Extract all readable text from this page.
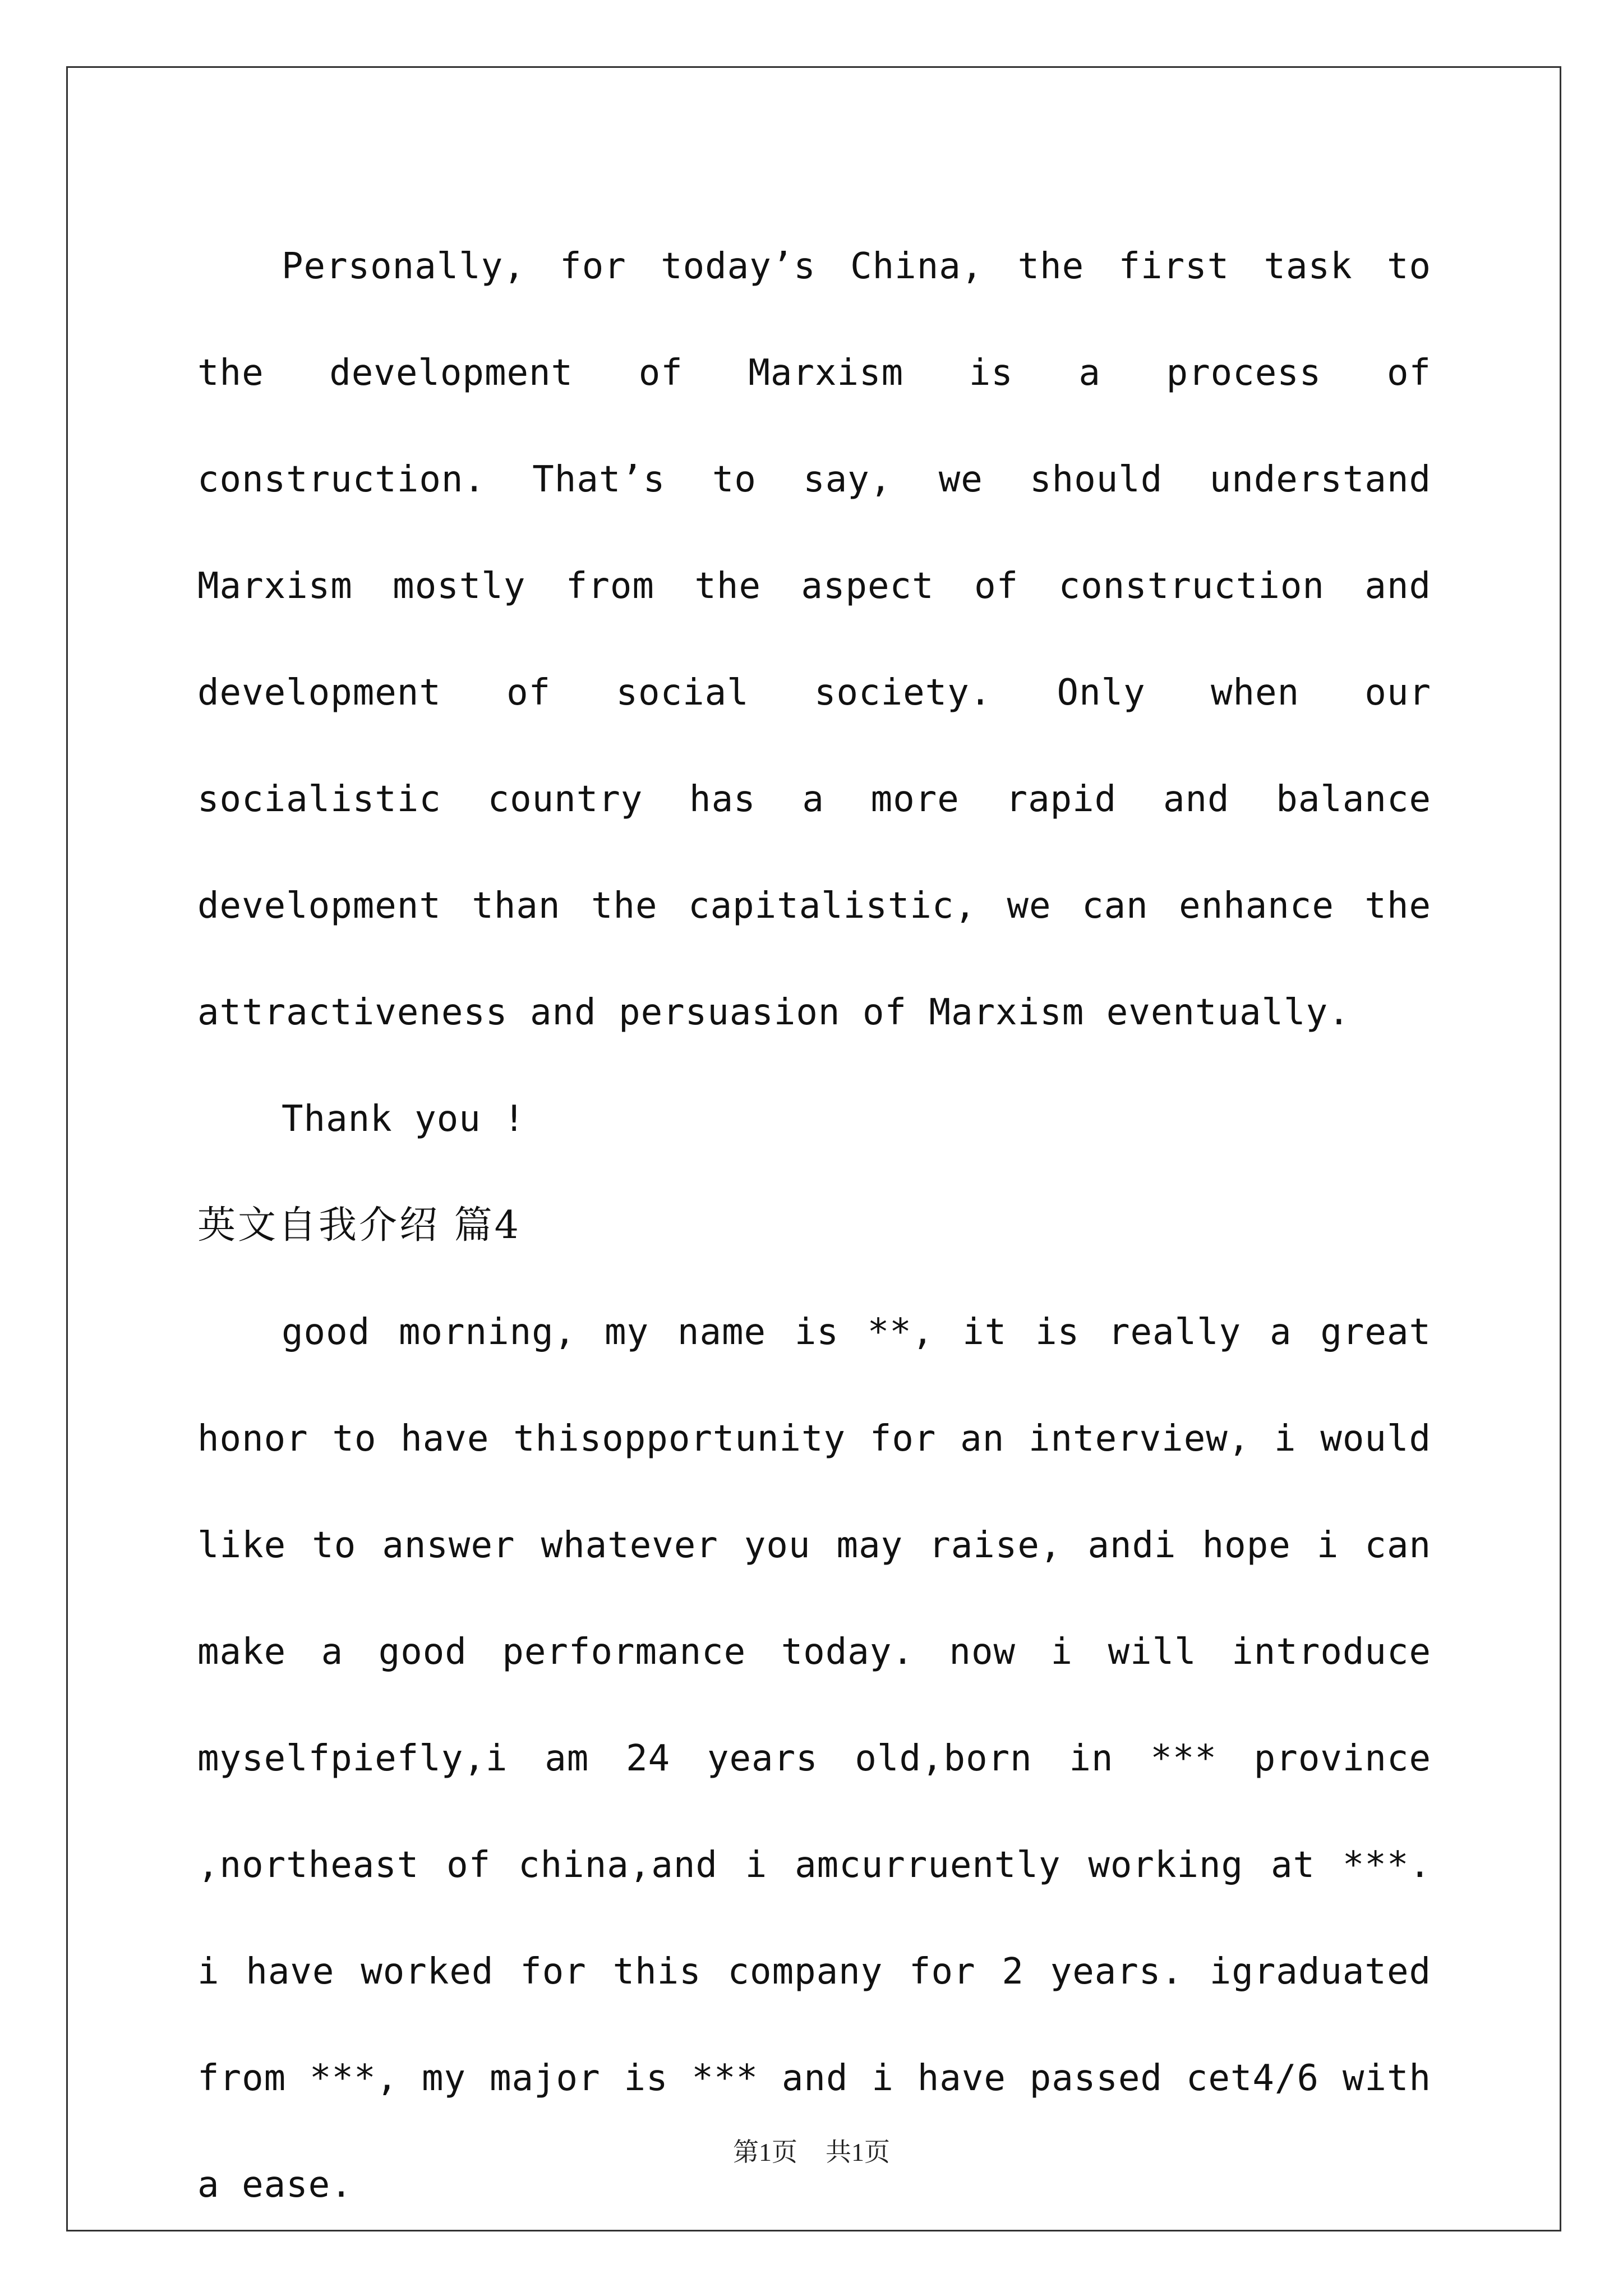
Personally, for today’s China, the first task to the development of Marxism is a process of construction. That’s to say, we should understand Marxism mostly from the aspect of construction and development of social society. Only when our socialistic country has a more rapid and balance development than the capitalistic, we can enhance the attractiveness and persuasion of Marxism eventually.

Thank you !

英文自我介绍 篇4

good morning, my name is **, it is really a great honor to have thisopportunity for an interview, i would like to answer whatever you may raise, andi hope i can make a good performance today. now i will introduce myselfpiefly,i am 24 years old,born in *** province ,northeast of china,and i amcurruently working at ***. i have worked for this company for 2 years. igraduated from ***, my major is *** and i have passed cet4/6 with a ease.

第1页 共1页
